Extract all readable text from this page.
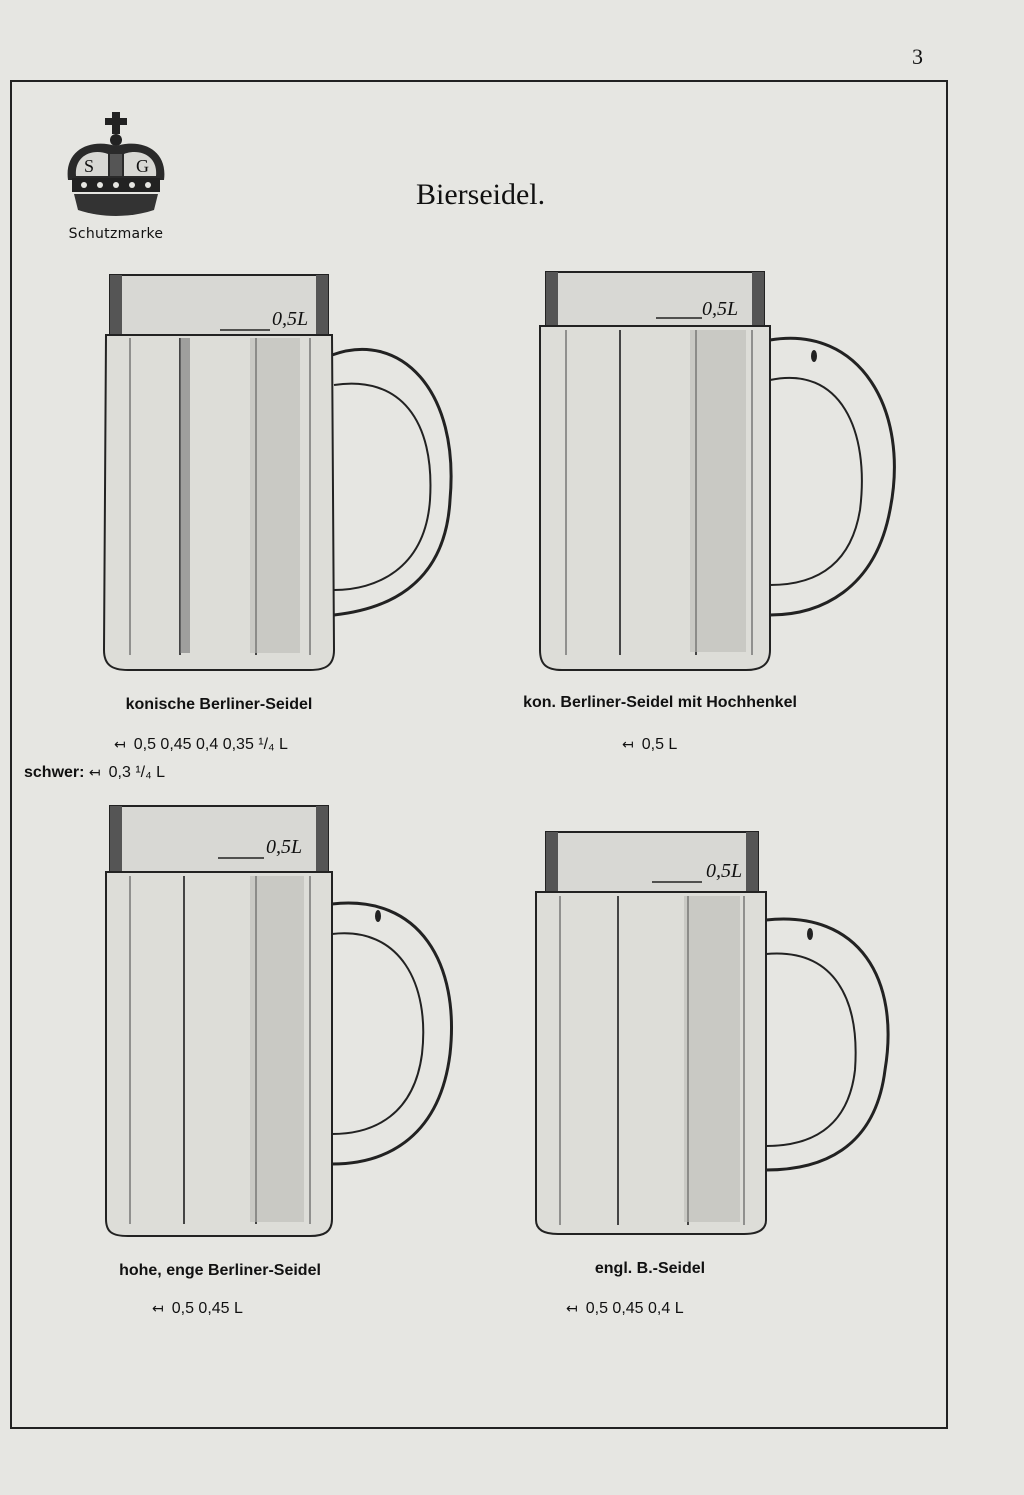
3
S G
Schutzmarke
Bierseidel.
0,5L
konische Berliner-Seidel
↤ 0,5 0,45 0,4 0,35 ¹/₄ L
schwer: ↤ 0,3 ¹/₄ L
0,5L
kon. Berliner-Seidel mit Hochhenkel
↤ 0,5 L
0,5L
hohe, enge Berliner-Seidel
↤ 0,5 0,45 L
0,5L
engl. B.-Seidel
↤ 0,5 0,45 0,4 L
